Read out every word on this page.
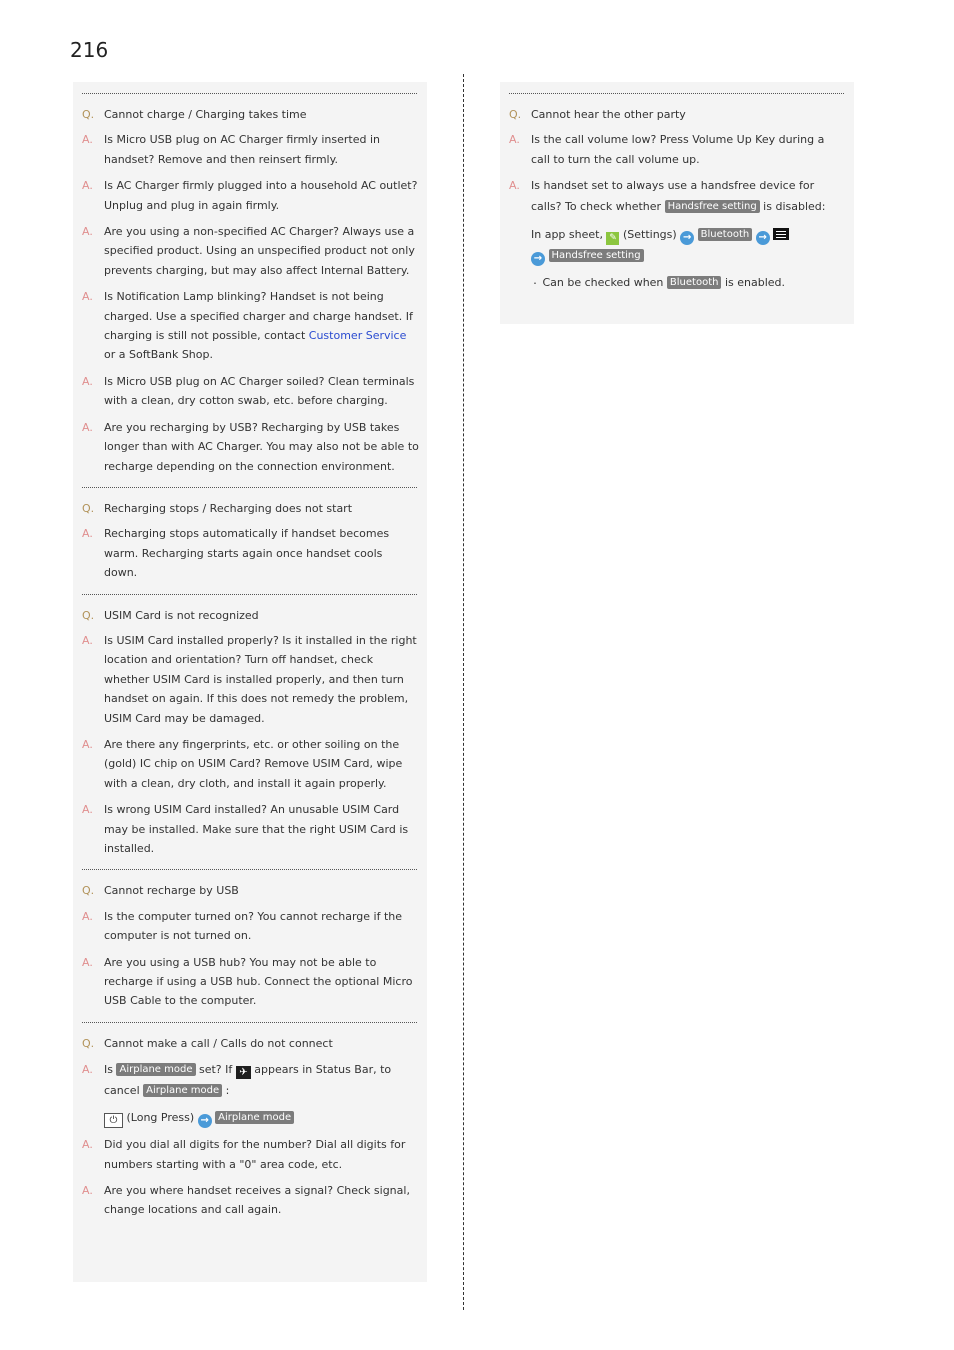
216
Q. Cannot charge / Charging takes time
A.	Is Micro USB plug on AC Charger firmly inserted in handset? Remove and then reinsert firmly.
A.	Is AC Charger firmly plugged into a household AC outlet? Unplug and plug in again firmly.
A.	Are you using a non-specified AC Charger? Always use a specified product. Using an unspecified product not only prevents charging, but may also affect Internal Battery.
A.	Is Notification Lamp blinking? Handset is not being charged. Use a specified charger and charge handset. If charging is still not possible, contact Customer Service or a SoftBank Shop.
A.	Is Micro USB plug on AC Charger soiled? Clean terminals with a clean, dry cotton swab, etc. before charging.
A.	Are you recharging by USB? Recharging by USB takes longer than with AC Charger. You may also not be able to recharge depending on the connection environment.
Q. Recharging stops / Recharging does not start
A.	Recharging stops automatically if handset becomes warm. Recharging starts again once handset cools down.
Q. USIM Card is not recognized
A.	Is USIM Card installed properly? Is it installed in the right location and orientation? Turn off handset, check whether USIM Card is installed properly, and then turn handset on again. If this does not remedy the problem, USIM Card may be damaged.
A.	Are there any fingerprints, etc. or other soiling on the (gold) IC chip on USIM Card? Remove USIM Card, wipe with a clean, dry cloth, and install it again properly.
A.	Is wrong USIM Card installed? An unusable USIM Card may be installed. Make sure that the right USIM Card is installed.
Q. Cannot recharge by USB
A.	Is the computer turned on? You cannot recharge if the computer is not turned on.
A.	Are you using a USB hub? You may not be able to recharge if using a USB hub. Connect the optional Micro USB Cable to the computer.
Q. Cannot make a call / Calls do not connect
A.	Is Airplane mode set? If ✈ appears in Status Bar, to cancel Airplane mode :
⏻ (Long Press) → Airplane mode
A.	Did you dial all digits for the number? Dial all digits for numbers starting with a "0" area code, etc.
A.	Are you where handset receives a signal? Check signal, change locations and call again.
Q. Cannot hear the other party
A.	Is the call volume low? Press Volume Up Key during a call to turn the call volume up.
A.	Is handset set to always use a handsfree device for calls? To check whether Handsfree setting is disabled:
In app sheet, ✎ (Settings) → Bluetooth →

→ Handsfree setting
・ Can be checked when Bluetooth is enabled.
